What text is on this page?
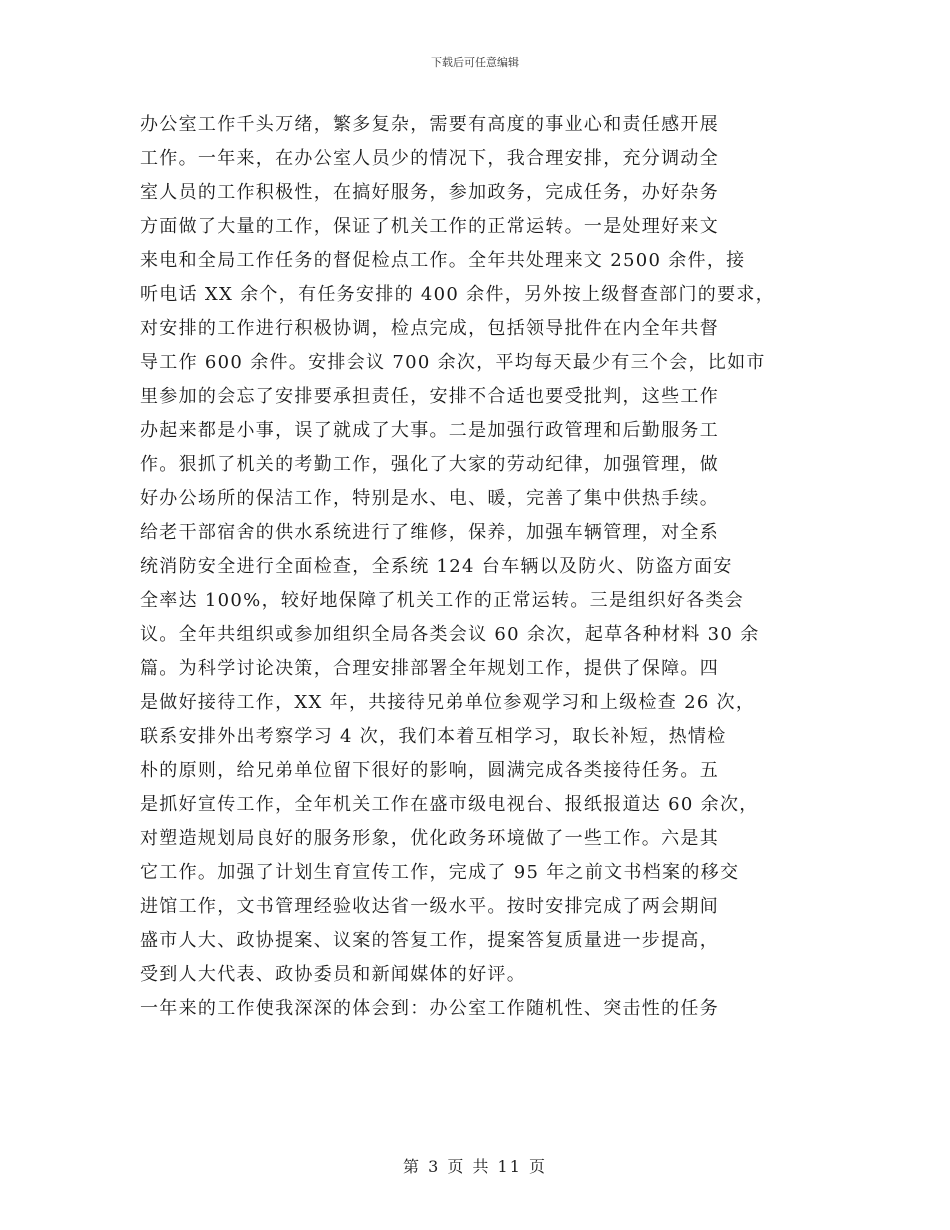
下载后可任意编辑
办公室工作千头万绪，繁多复杂，需要有高度的事业心和责任感开展
工作。一年来，在办公室人员少的情况下，我合理安排，充分调动全
室人员的工作积极性，在搞好服务，参加政务，完成任务，办好杂务
方面做了大量的工作，保证了机关工作的正常运转。一是处理好来文
来电和全局工作任务的督促检点工作。全年共处理来文 2500 余件，接
听电话 XX 余个，有任务安排的 400 余件，另外按上级督查部门的要求，
对安排的工作进行积极协调，检点完成，包括领导批件在内全年共督
导工作 600 余件。安排会议 700 余次，平均每天最少有三个会，比如市
里参加的会忘了安排要承担责任，安排不合适也要受批判，这些工作
办起来都是小事，误了就成了大事。二是加强行政管理和后勤服务工
作。狠抓了机关的考勤工作，强化了大家的劳动纪律，加强管理，做
好办公场所的保洁工作，特别是水、电、暖，完善了集中供热手续。
给老干部宿舍的供水系统进行了维修，保养，加强车辆管理，对全系
统消防安全进行全面检查，全系统 124 台车辆以及防火、防盗方面安
全率达 100%，较好地保障了机关工作的正常运转。三是组织好各类会
议。全年共组织或参加组织全局各类会议 60 余次，起草各种材料 30 余
篇。为科学讨论决策，合理安排部署全年规划工作，提供了保障。四
是做好接待工作，XX 年，共接待兄弟单位参观学习和上级检查 26 次，
联系安排外出考察学习 4 次，我们本着互相学习，取长补短，热情检
朴的原则，给兄弟单位留下很好的影响，圆满完成各类接待任务。五
是抓好宣传工作，全年机关工作在盛市级电视台、报纸报道达 60 余次，
对塑造规划局良好的服务形象，优化政务环境做了一些工作。六是其
它工作。加强了计划生育宣传工作，完成了 95 年之前文书档案的移交
进馆工作，文书管理经验收达省一级水平。按时安排完成了两会期间
盛市人大、政协提案、议案的答复工作，提案答复质量进一步提高，
受到人大代表、政协委员和新闻媒体的好评。
一年来的工作使我深深的体会到：办公室工作随机性、突击性的任务
第 3 页 共 11 页
